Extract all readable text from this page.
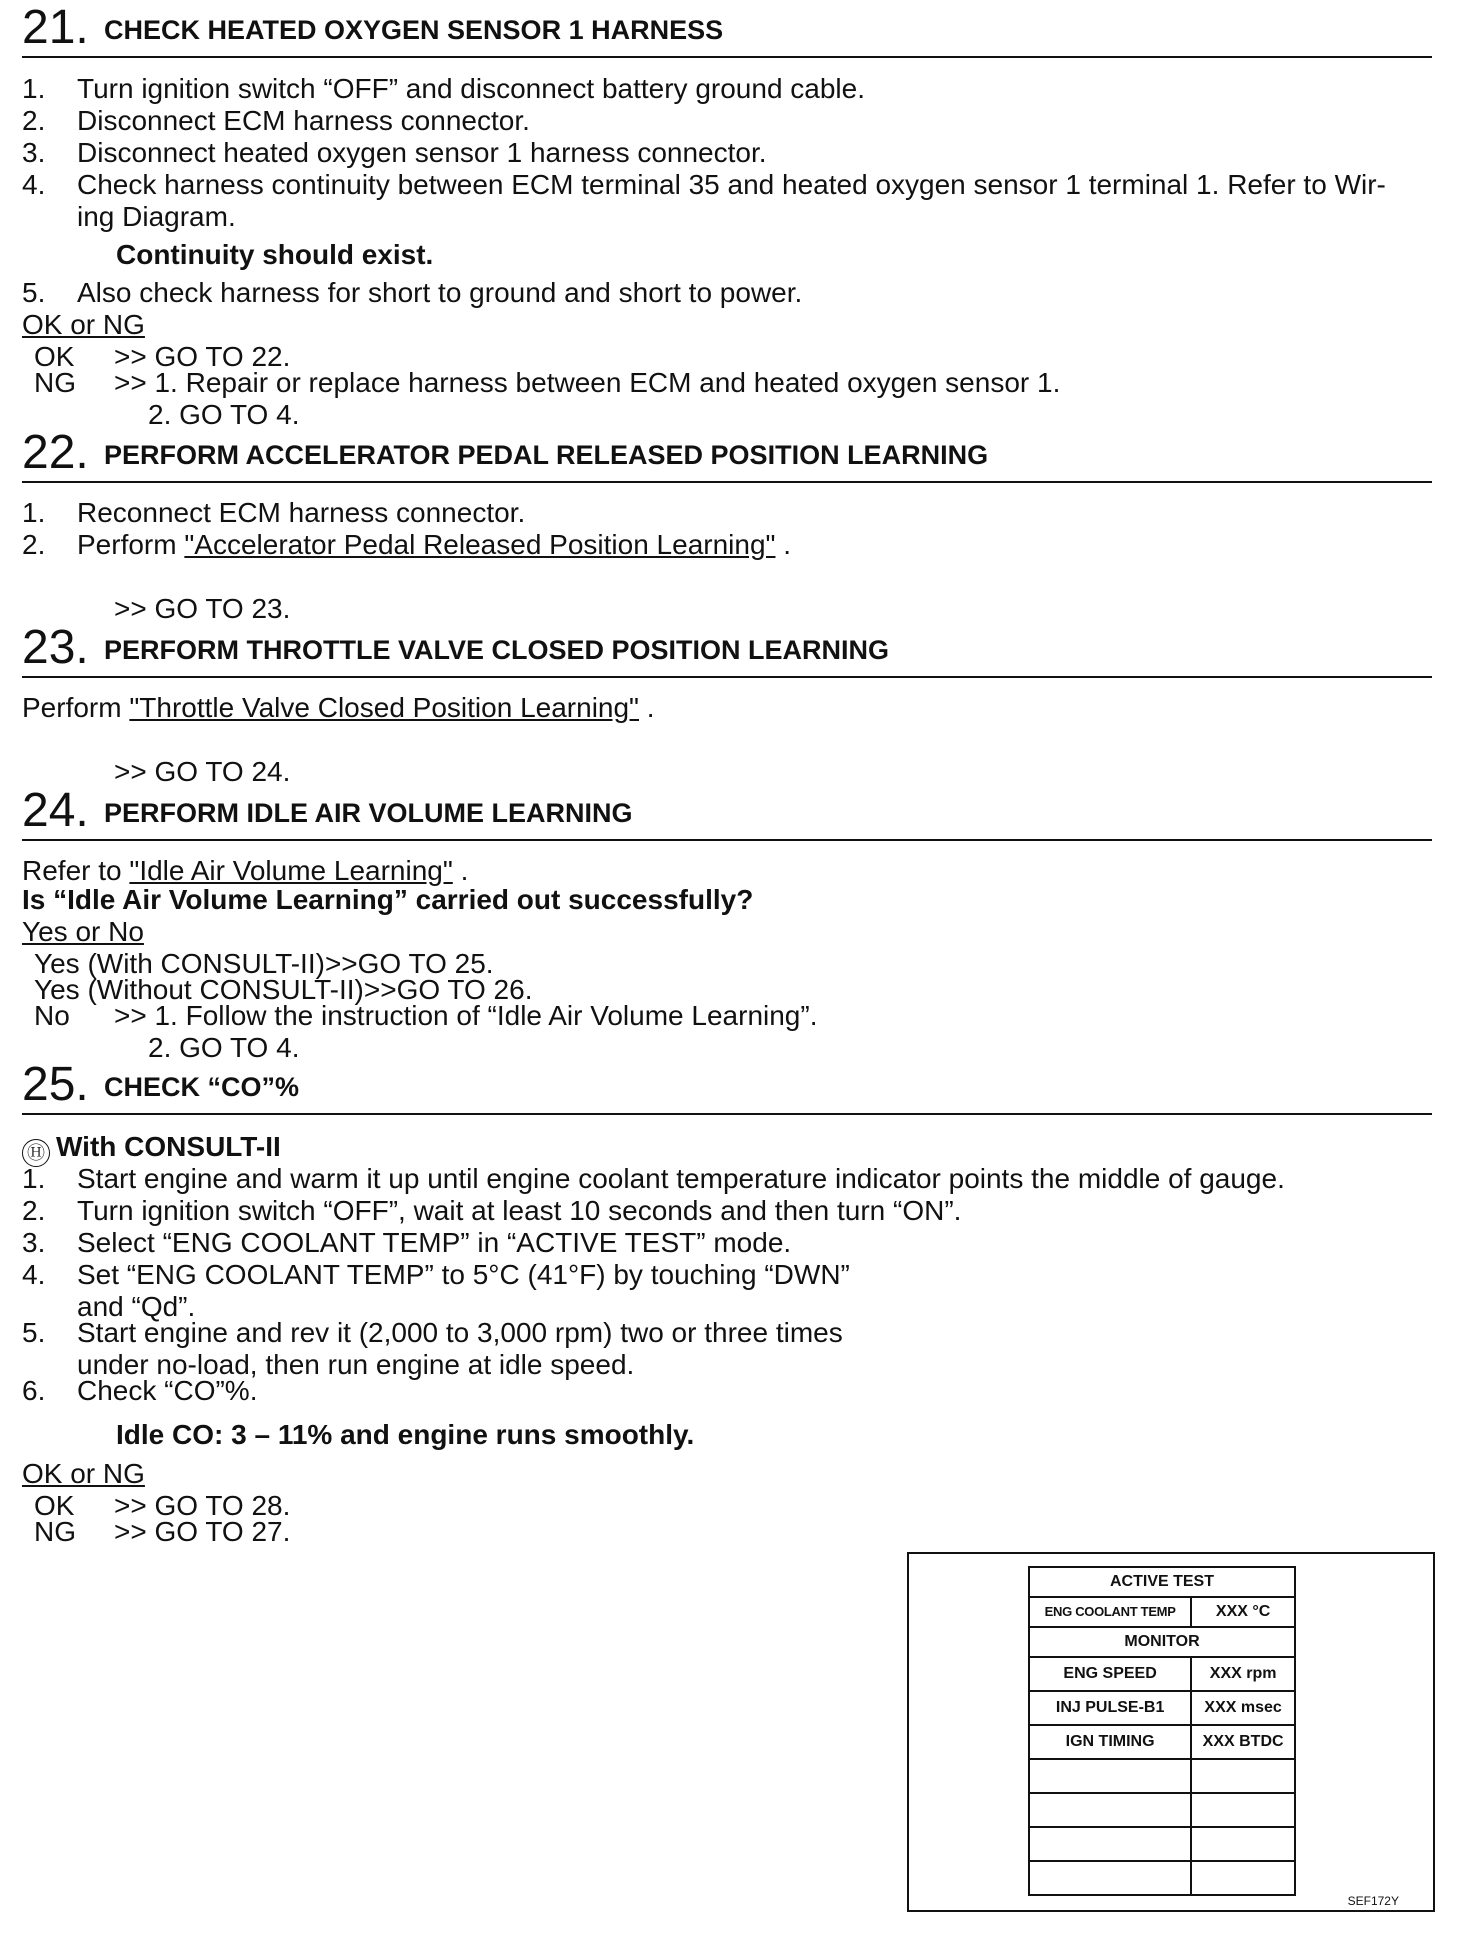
21. CHECK HEATED OXYGEN SENSOR 1 HARNESS
1. Turn ignition switch “OFF” and disconnect battery ground cable.
2. Disconnect ECM harness connector.
3. Disconnect heated oxygen sensor 1 harness connector.
4. Check harness continuity between ECM terminal 35 and heated oxygen sensor 1 terminal 1. Refer to Wir-
ing Diagram.
Continuity should exist.
5. Also check harness for short to ground and short to power.
OK or NG
OK >> GO TO 22.
NG >> 1. Repair or replace harness between ECM and heated oxygen sensor 1.
2. GO TO 4.
22. PERFORM ACCELERATOR PEDAL RELEASED POSITION LEARNING
1. Reconnect ECM harness connector.
2. Perform "Accelerator Pedal Released Position Learning" .
>> GO TO 23.
23. PERFORM THROTTLE VALVE CLOSED POSITION LEARNING
Perform "Throttle Valve Closed Position Learning" .
>> GO TO 24.
24. PERFORM IDLE AIR VOLUME LEARNING
Refer to "Idle Air Volume Learning" .
Is “Idle Air Volume Learning” carried out successfully?
Yes or No
Yes (With CONSULT-II)>>GO TO 25.
Yes (Without CONSULT-II)>>GO TO 26.
No >> 1. Follow the instruction of “Idle Air Volume Learning”.
2. GO TO 4.
25. CHECK “CO”%
Ⓗ With CONSULT-II
1. Start engine and warm it up until engine coolant temperature indicator points the middle of gauge.
2. Turn ignition switch “OFF”, wait at least 10 seconds and then turn “ON”.
3. Select “ENG COOLANT TEMP” in “ACTIVE TEST” mode.
4. Set “ENG COOLANT TEMP” to 5°C (41°F) by touching “DWN”
and “Qd”.
5. Start engine and rev it (2,000 to 3,000 rpm) two or three times
under no-load, then run engine at idle speed.
6. Check “CO”%.
Idle CO: 3 – 11% and engine runs smoothly.
OK or NG
OK >> GO TO 28.
NG >> GO TO 27.
ACTIVE TEST	
ENG COOLANT TEMP	XXX °C
MONITOR	
ENG SPEED	XXX rpm
INJ PULSE-B1	XXX msec
IGN TIMING	XXX BTDC

SEF172Y
